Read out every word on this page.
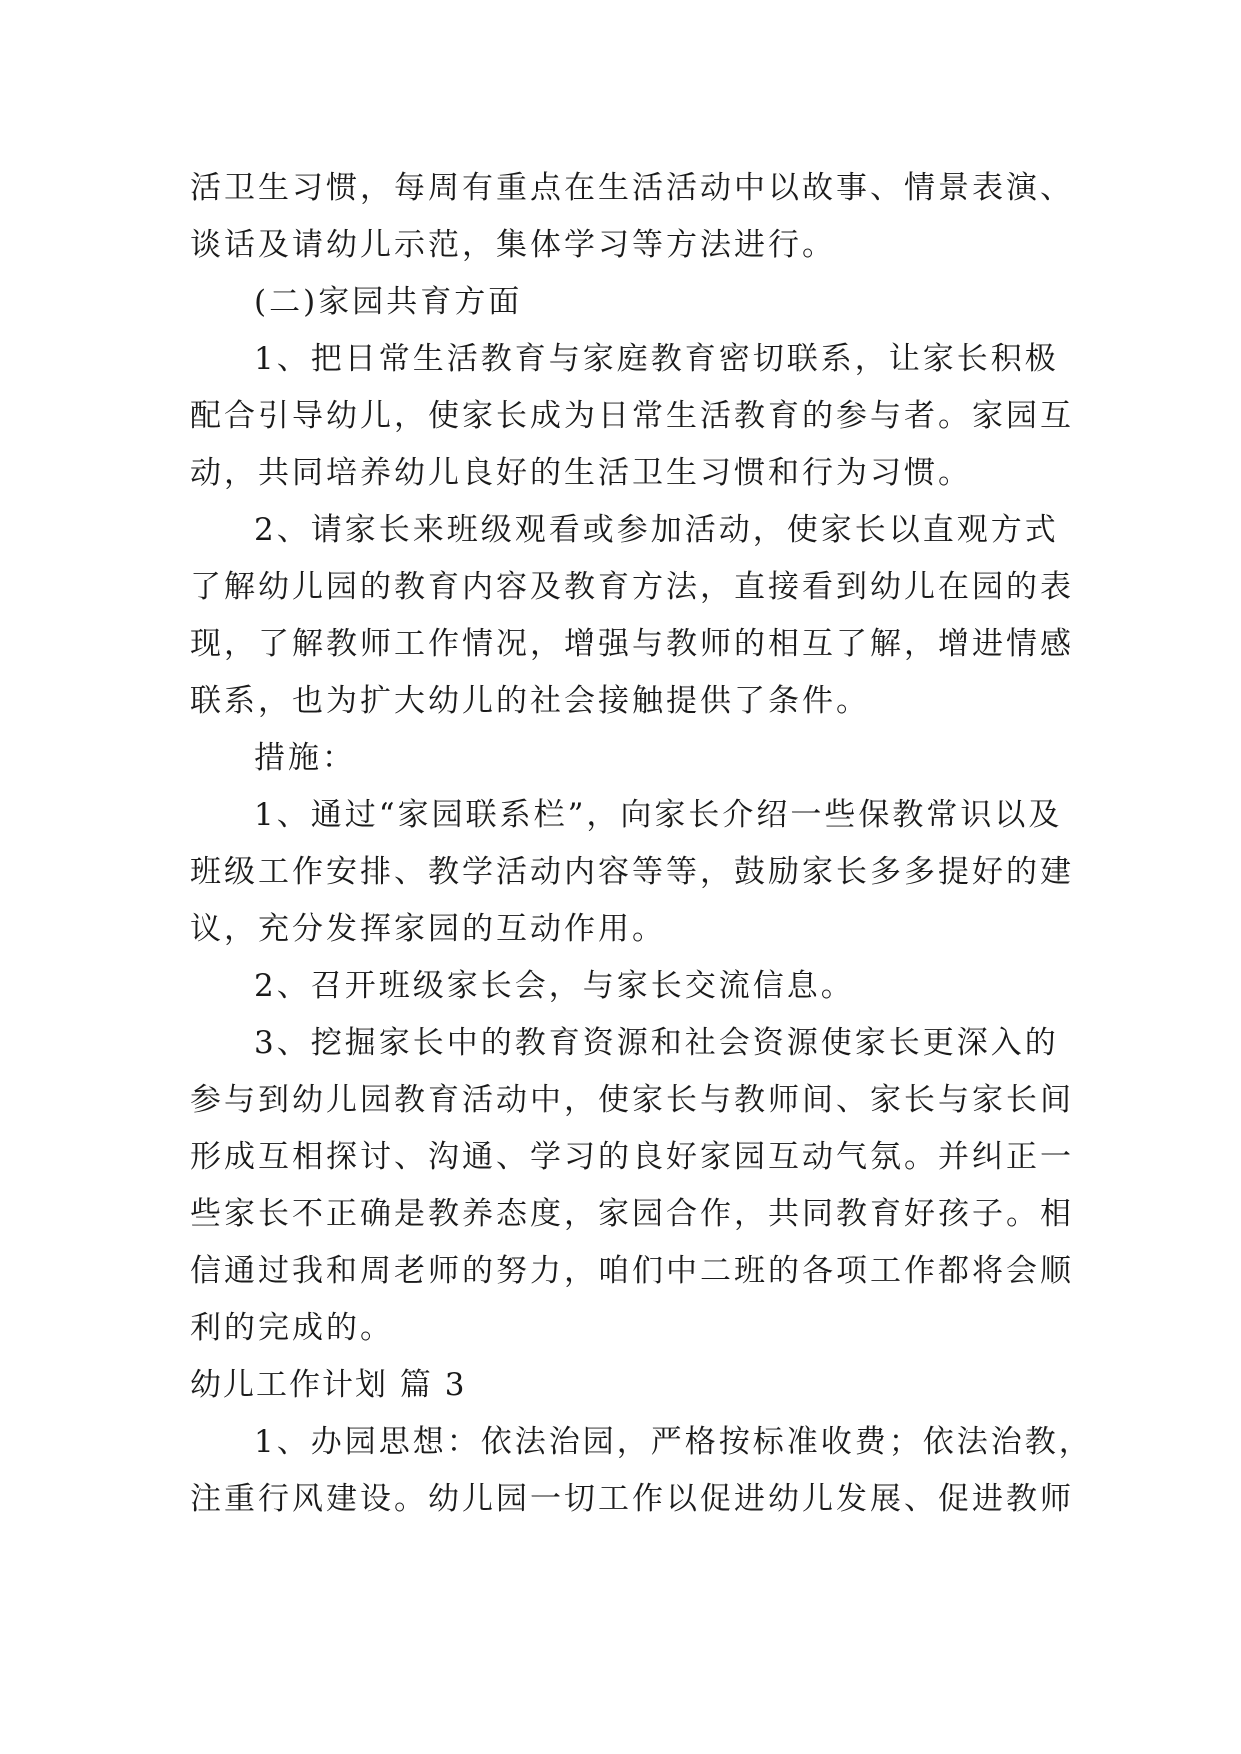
活卫生习惯，每周有重点在生活活动中以故事、情景表演、
谈话及请幼儿示范，集体学习等方法进行。
(二)家园共育方面
1、把日常生活教育与家庭教育密切联系，让家长积极
配合引导幼儿，使家长成为日常生活教育的参与者。家园互
动，共同培养幼儿良好的生活卫生习惯和行为习惯。
2、请家长来班级观看或参加活动，使家长以直观方式
了解幼儿园的教育内容及教育方法，直接看到幼儿在园的表
现，了解教师工作情况，增强与教师的相互了解，增进情感
联系，也为扩大幼儿的社会接触提供了条件。
措施：
1、通过“家园联系栏”，向家长介绍一些保教常识以及
班级工作安排、教学活动内容等等，鼓励家长多多提好的建
议，充分发挥家园的互动作用。
2、召开班级家长会，与家长交流信息。
3、挖掘家长中的教育资源和社会资源使家长更深入的
参与到幼儿园教育活动中，使家长与教师间、家长与家长间
形成互相探讨、沟通、学习的良好家园互动气氛。并纠正一
些家长不正确是教养态度，家园合作，共同教育好孩子。相
信通过我和周老师的努力，咱们中二班的各项工作都将会顺
利的完成的。
幼儿工作计划 篇 3
1、办园思想：依法治园，严格按标准收费；依法治教，
注重行风建设。幼儿园一切工作以促进幼儿发展、促进教师
